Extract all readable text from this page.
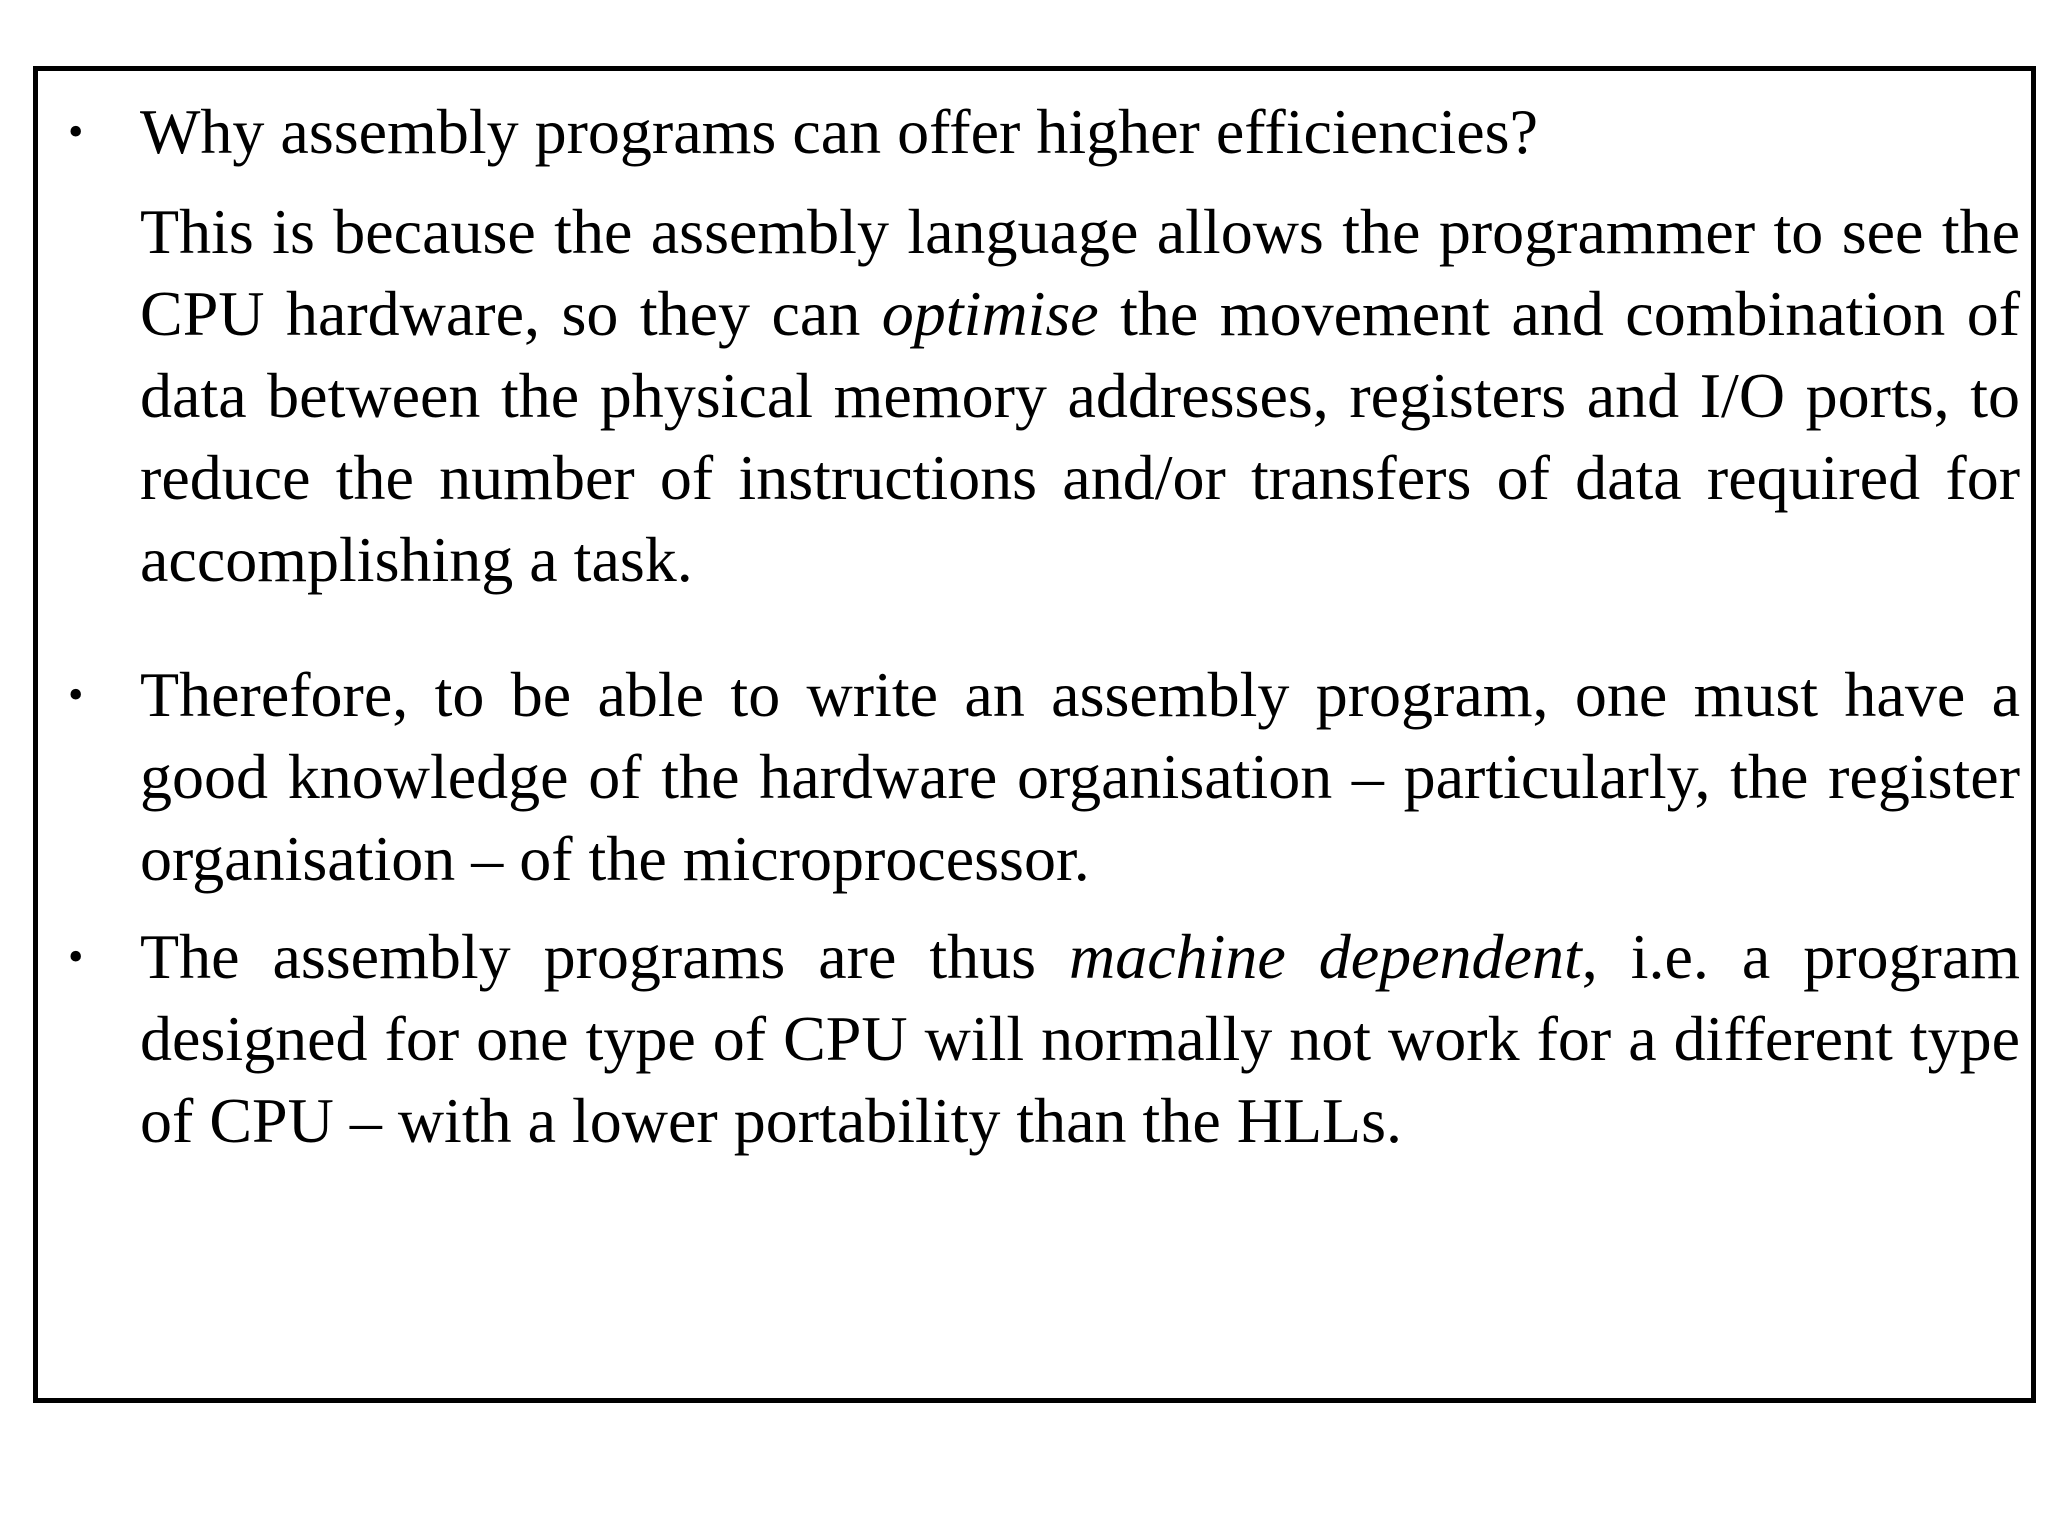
• Why assembly programs can offer higher efficiencies?
This is because the assembly language allows the programmer to see the CPU hardware, so they can optimise the movement and combination of data between the physical memory addresses, registers and I/O ports, to reduce the number of instructions and/or transfers of data required for accomplishing a task.
• Therefore, to be able to write an assembly program, one must have a good knowledge of the hardware organisation – particularly, the register organisation – of the microprocessor.
• The assembly programs are thus machine dependent, i.e. a program designed for one type of CPU will normally not work for a different type of CPU – with a lower portability than the HLLs.
